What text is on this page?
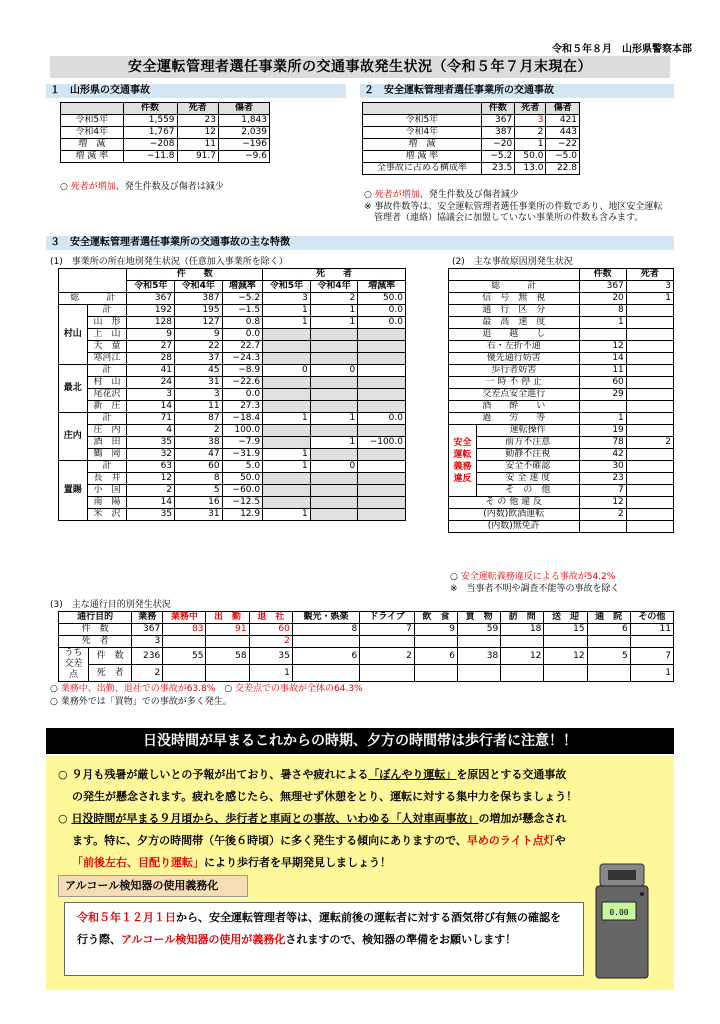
令和５年８月　山形県警察本部
安全運転管理者選任事業所の交通事故発生状況（令和５年７月末現在）
１　山形県の交通事故
	件数	死者	傷者
令和5年	1,559	23	1,843
令和4年	1,767	12	2,039
増　減	−208	11	−196
増 減 率	−11.8	91.7	−9.6
○ 死者が増加、発生件数及び傷者は減少
２　安全運転管理者選任事業所の交通事故
	件数	死者	傷者
令和5年	367	3	421
令和4年	387	2	443
増　減	−20	1	−22
増 減 率	−5.2	50.0	−5.0
全事故に占める構成率	23.5	13.0	22.8
○ 死者が増加、発生件数及び傷者減少
※ 事故件数等は、安全運転管理者選任事業所の件数であり、地区安全運転
管理者（連絡）協議会に加盟していない事業所の件数も含みます。
３　安全運転管理者選任事業所の交通事故の主な特徴
(1)　事業所の所在地別発生状況（任意加入事業所を除く）
		件　　数			死　　者		
		令和5年	令和4年	増減率	令和5年	令和4年	増減率
総　　　計		367	387	−5.2	3	2	50.0
村山	計	192	195	−1.5	1	1	0.0
	山　形	128	127	0.8	1	1	0.0
	上　山	9	9	0.0			
	天　童	27	22	22.7			
	寒河江	28	37	−24.3			
最北	計	41	45	−8.9	0	0	
	村　山	24	31	−22.6			
	尾花沢	3	3	0.0			
	新　庄	14	11	27.3			
庄内	計	71	87	−18.4	1	1	0.0
	庄　内	4	2	100.0			
	酒　田	35	38	−7.9		1	−100.0
	鶴　岡	32	47	−31.9	1		
置賜	計	63	60	5.0	1	0	
	長　井	12	8	50.0			
	小　国	2	5	−60.0			
	南　陽	14	16	−12.5			
	米　沢	35	31	12.9	1		
(2)　主な事故原因別発生状況
		件数	死者
総　　　計		367	3
信　号　無　視		20	1
通　行　区　分		8	
最　高　速　度		1	
追　　越　　し			
右・左折不通		12	
優先通行妨害		14	
歩行者妨害		11	
一 時 不 停 止		60	
交差点安全進行		29	
酒　　酔　　い			
過　　労　　等		1	
安全運転義務違反	運転操作	19	
	前方不注意	78	2
	動静不注視	42	
	安全不確認	30	
	安 全 速 度	23	
	そ　の　他	7	
そ の 他 違 反		12	
(内数)飲酒運転		2	
(内数)無免許			
○ 安全運転義務違反による事故が54.2%
※　当事者不明や調査不能等の事故を除く
(3)　主な通行目的別発生状況
通行目的		業務	業務中	出　勤	退　社	観光・娯楽	ドライブ	飲　食	買　物	訪　問	送　迎	通　院	その他
件　数		367	83	91	60	8	7	9	59	18	15	6	11
死　者		3			2								
うち交差点	件　数	236	55	58	35	6	2	6	38	12	12	5	7
	死　者	2			1								1
○ 業務中、出勤、退社での事故が63.8%　○ 交差点での事故が全体の64.3%
○ 業務外では「買物」での事故が多く発生。
日没時間が早まるこれからの時期、夕方の時間帯は歩行者に注意！！
○ ９月も残暑が厳しいとの予報が出ており、暑さや疲れによる「ぼんやり運転」を原因とする交通事故
の発生が懸念されます。疲れを感じたら、無理せず休憩をとり、運転に対する集中力を保ちましょう！
○ 日没時間が早まる９月頃から、歩行者と車両との事故、いわゆる「人対車両事故」の増加が懸念され
ます。特に、夕方の時間帯（午後６時頃）に多く発生する傾向にありますので、早めのライト点灯や
「前後左右、目配り運転」により歩行者を早期発見しましょう！
アルコール検知器の使用義務化
令和５年１２月１日から、安全運転管理者等は、運転前後の運転者に対する酒気帯び有無の確認を行う際、アルコール検知器の使用が義務化されますので、検知器の準備をお願いします！
0.00
